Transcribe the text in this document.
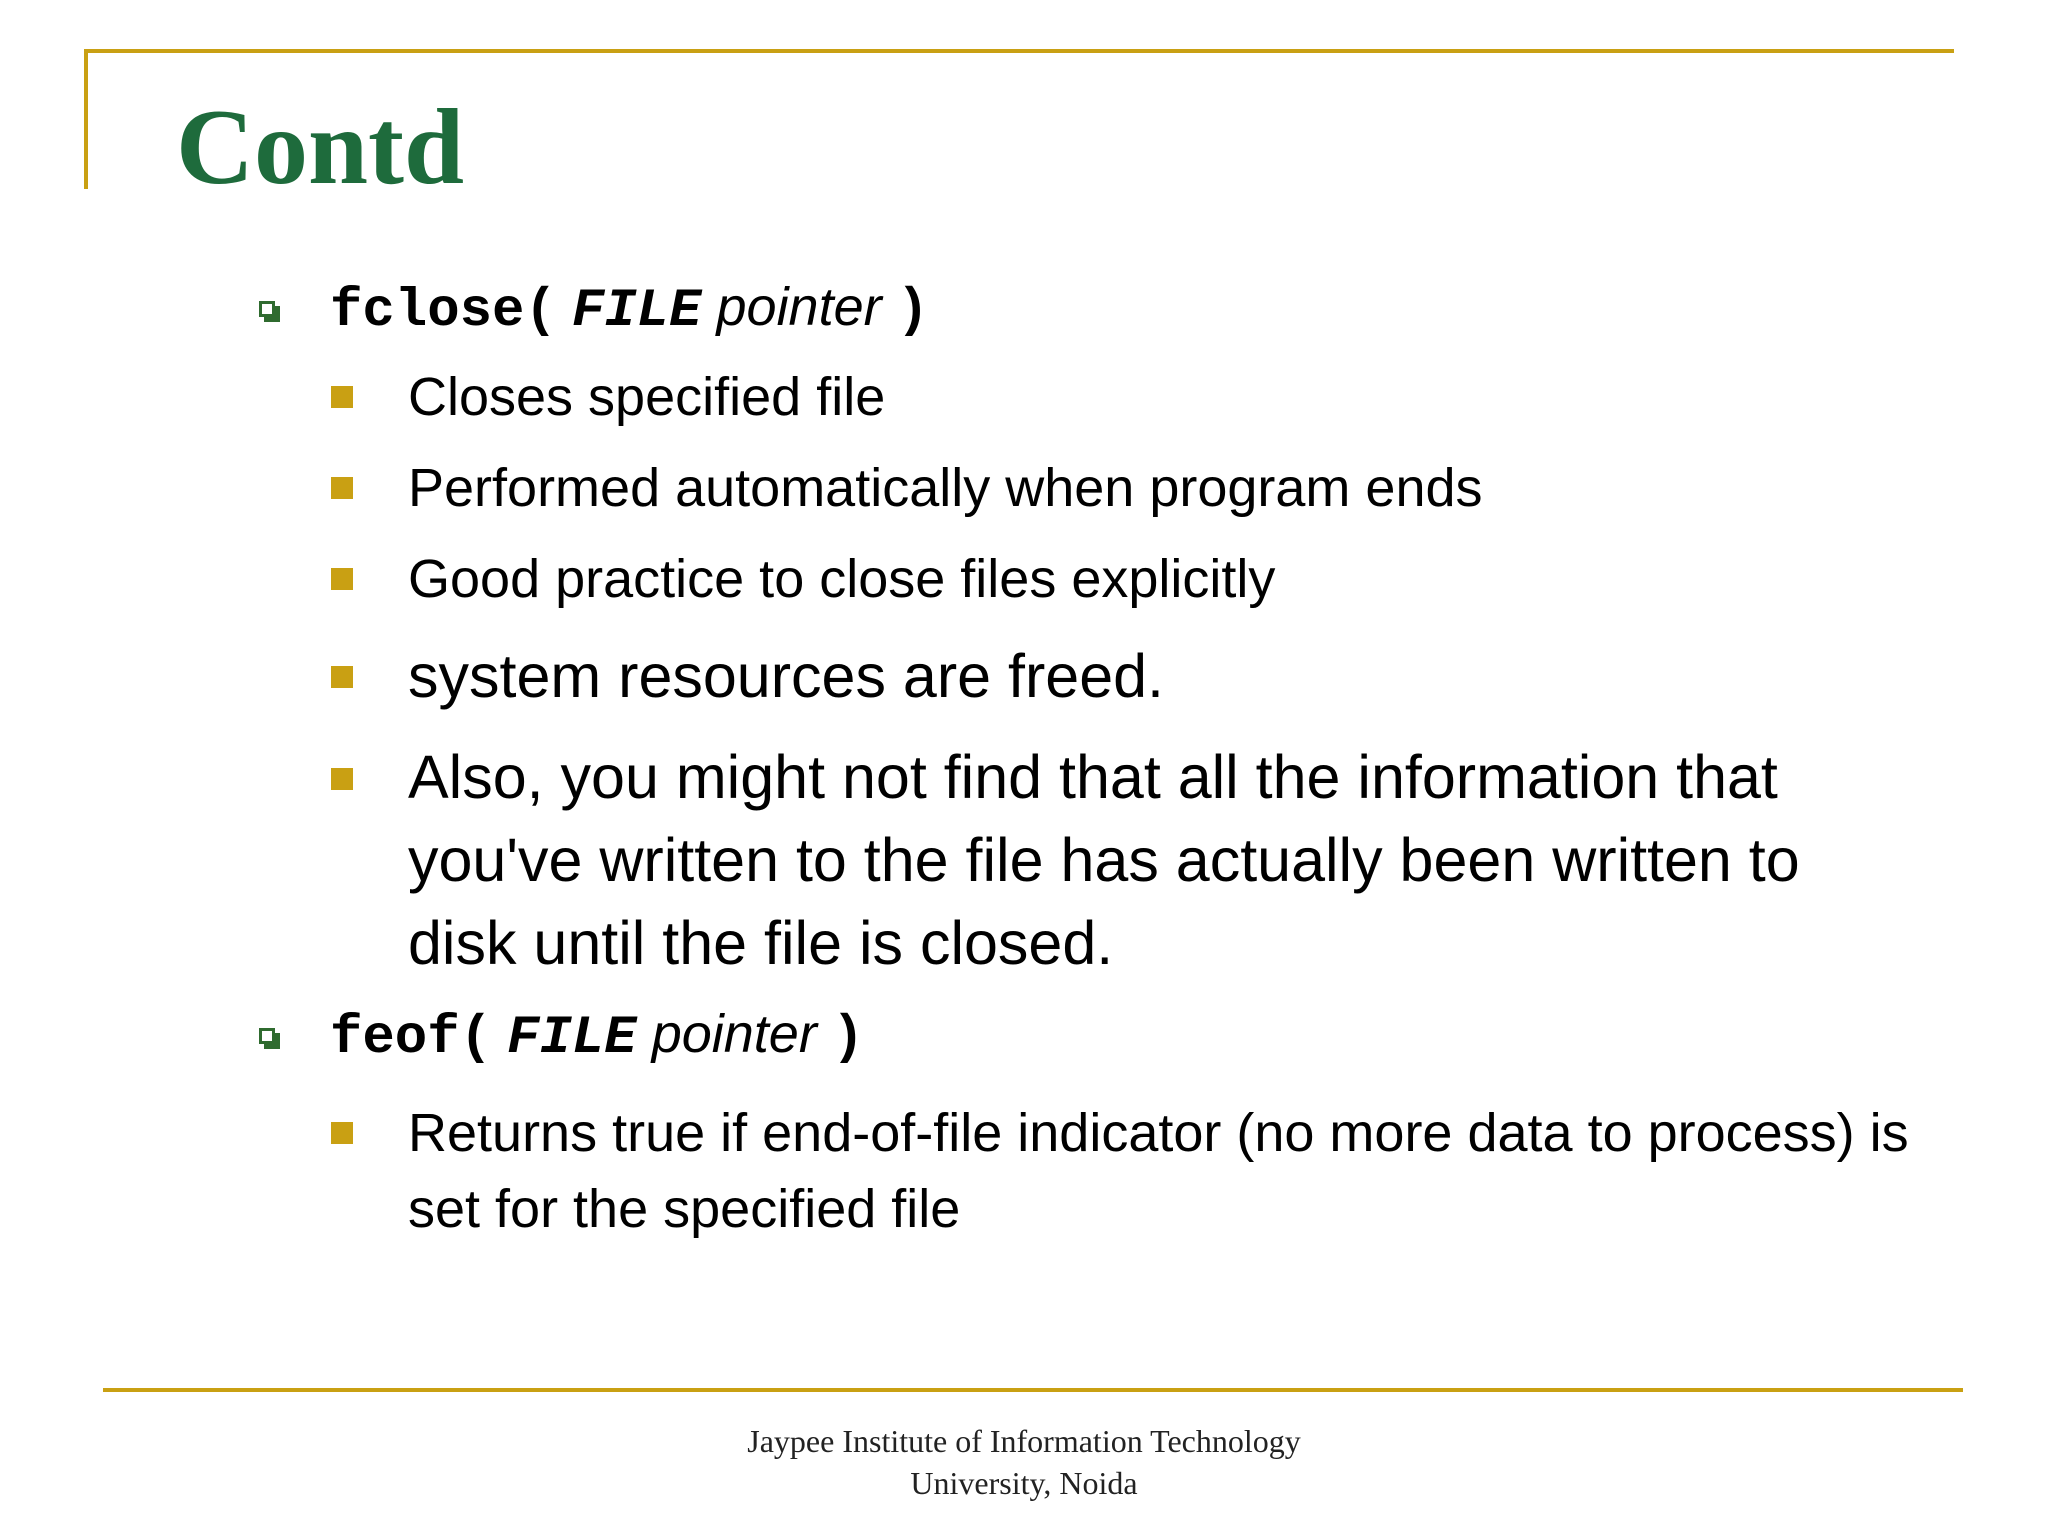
Contd
fclose( FILE pointer )
Closes specified file
Performed automatically when program ends
Good practice to close files explicitly
system resources are freed.
Also, you might not find that all the information that you've written to the file has actually been written to disk until the file is closed.
feof( FILE pointer )
Returns true if end-of-file indicator (no more data to process) is set for the specified file
Jaypee Institute of Information Technology
University, Noida
